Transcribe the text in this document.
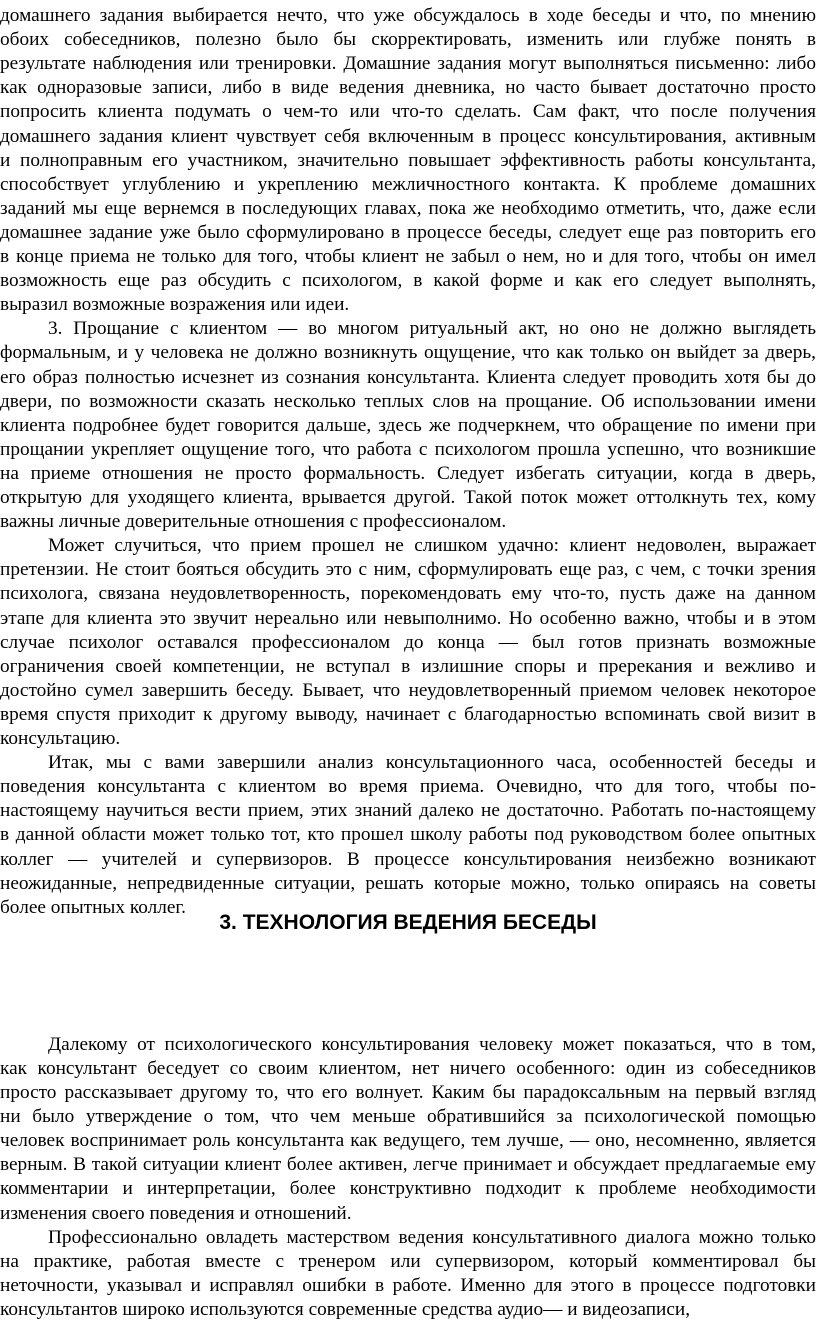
домашнего задания выбирается нечто, что уже обсуждалось в ходе беседы и что, по мнению
обоих собеседников, полезно было бы скорректировать, изменить или глубже понять в
результате наблюдения или тренировки. Домашние задания могут выполняться письменно: либо
как одноразовые записи, либо в виде ведения дневника, но часто бывает достаточно просто
попросить клиента подумать о чем-то или что-то сделать. Сам факт, что после получения
домашнего задания клиент чувствует себя включенным в процесс консультирования, активным
и полноправным его участником, значительно повышает эффективность работы консультанта,
способствует углублению и укреплению межличностного контакта. К проблеме домашних
заданий мы еще вернемся в последующих главах, пока же необходимо отметить, что, даже если
домашнее задание уже было сформулировано в процессе беседы, следует еще раз повторить его
в конце приема не только для того, чтобы клиент не забыл о нем, но и для того, чтобы он имел
возможность еще раз обсудить с психологом, в какой форме и как его следует выполнять,
выразил возможные возражения или идеи.
3. Прощание с клиентом — во многом ритуальный акт, но оно не должно выглядеть
формальным, и у человека не должно возникнуть ощущение, что как только он выйдет за дверь,
его образ полностью исчезнет из сознания консультанта. Клиента следует проводить хотя бы до
двери, по возможности сказать несколько теплых слов на прощание. Об использовании имени
клиента подробнее будет говорится дальше, здесь же подчеркнем, что обращение по имени при
прощании укрепляет ощущение того, что работа с психологом прошла успешно, что возникшие
на приеме отношения не просто формальность. Следует избегать ситуации, когда в дверь,
открытую для уходящего клиента, врывается другой. Такой поток может оттолкнуть тех, кому
важны личные доверительные отношения с профессионалом.
Может случиться, что прием прошел не слишком удачно: клиент недоволен, выражает
претензии. Не стоит бояться обсудить это с ним, сформулировать еще раз, с чем, с точки зрения
психолога, связана неудовлетворенность, порекомендовать ему что-то, пусть даже на данном
этапе для клиента это звучит нереально или невыполнимо. Но особенно важно, чтобы и в этом
случае психолог оставался профессионалом до конца — был готов признать возможные
ограничения своей компетенции, не вступал в излишние споры и пререкания и вежливо и
достойно сумел завершить беседу. Бывает, что неудовлетворенный приемом человек некоторое
время спустя приходит к другому выводу, начинает с благодарностью вспоминать свой визит в
консультацию.
Итак, мы с вами завершили анализ консультационного часа, особенностей беседы и
поведения консультанта с клиентом во время приема. Очевидно, что для того, чтобы по-
настоящему научиться вести прием, этих знаний далеко не достаточно. Работать по-настоящему
в данной области может только тот, кто прошел школу работы под руководством более опытных
коллег — учителей и супервизоров. В процессе консультирования неизбежно возникают
неожиданные, непредвиденные ситуации, решать которые можно, только опираясь на советы
более опытных коллег.
Далекому от психологического консультирования человеку может показаться, что в том,
как консультант беседует со своим клиентом, нет ничего особенного: один из собеседников
просто рассказывает другому то, что его волнует. Каким бы парадоксальным на первый взгляд
ни было утверждение о том, что чем меньше обратившийся за психологической помощью
человек воспринимает роль консультанта как ведущего, тем лучше, — оно, несомненно, является
верным. В такой ситуации клиент более активен, легче принимает и обсуждает предлагаемые ему
комментарии и интерпретации, более конструктивно подходит к проблеме необходимости
изменения своего поведения и отношений.
Профессионально овладеть мастерством ведения консультативного диалога можно только
на практике, работая вместе с тренером или супервизором, который комментировал бы
неточности, указывал и исправлял ошибки в работе. Именно для этого в процессе подготовки
консультантов широко используются современные средства аудио— и видеозаписи,
3. ТЕХНОЛОГИЯ ВЕДЕНИЯ БЕСЕДЫ
